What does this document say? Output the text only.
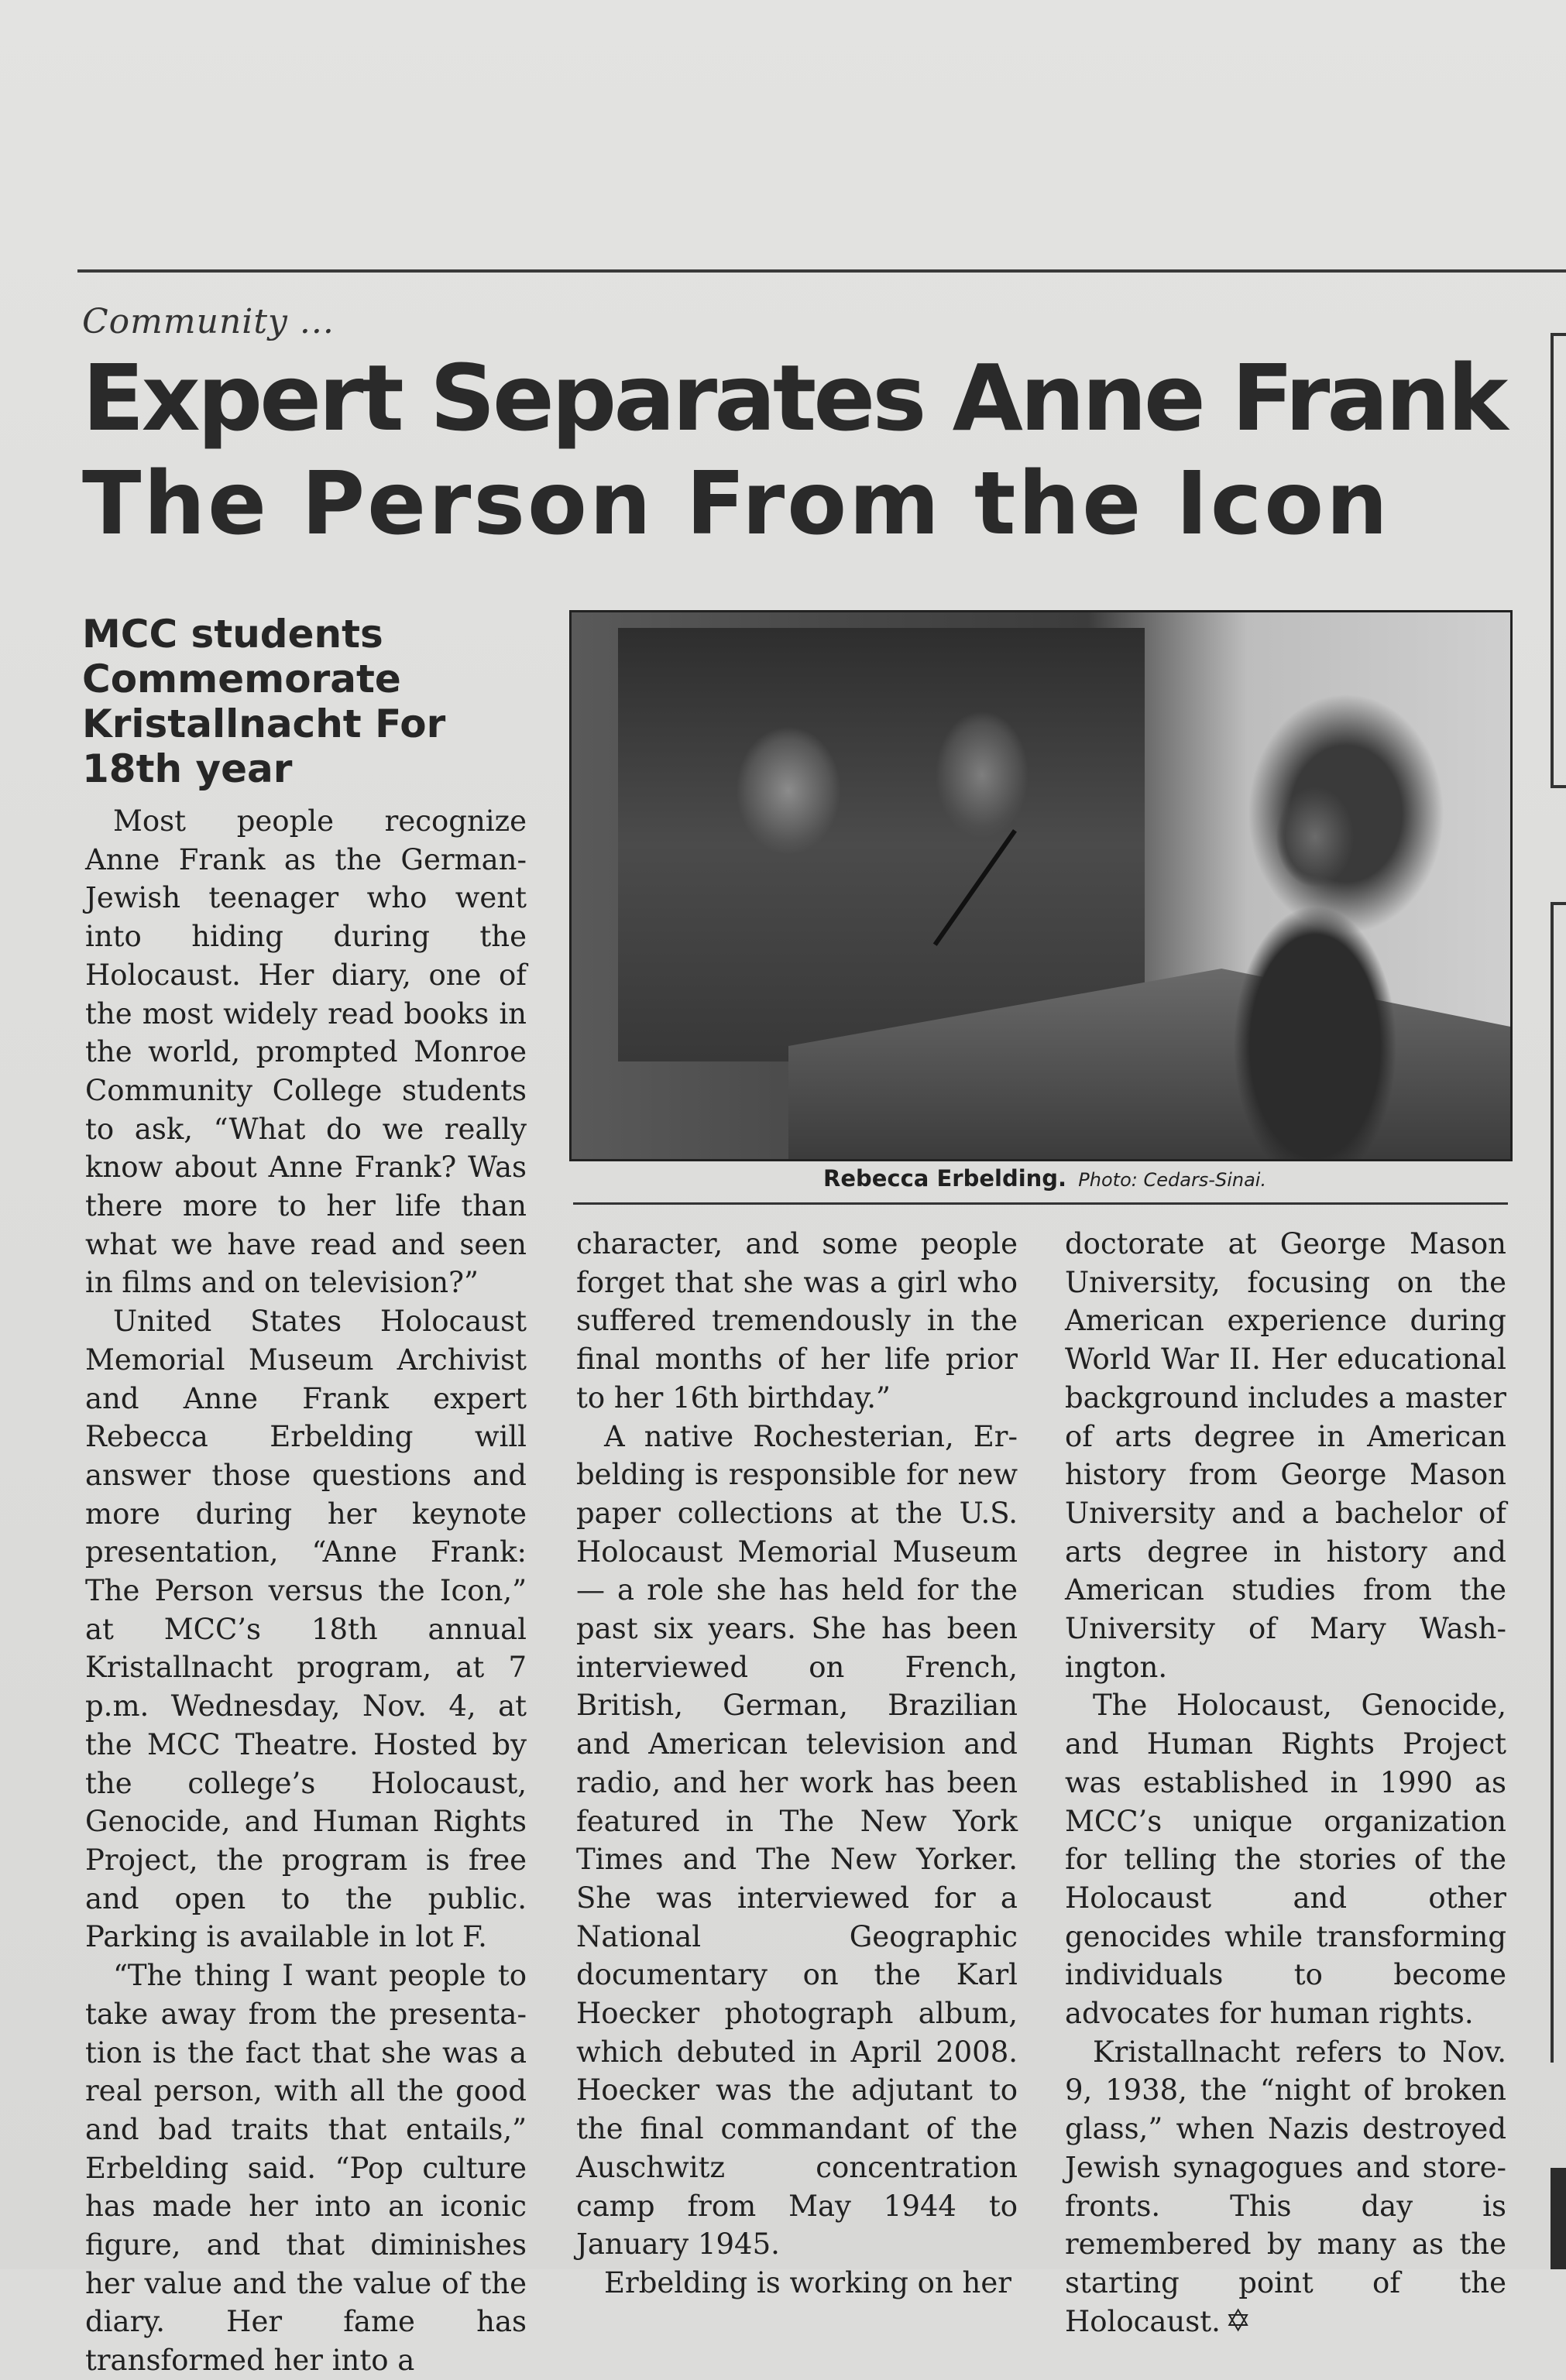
Community ...
Expert Separates Anne Frank
The Person From the Icon
MCC students Commemorate Kristallnacht For 18th year
Rebecca Erbelding. Photo: Cedars-Sinai.

Most people recognize Anne Frank as the German-Jewish teenager who went into hiding during the Holocaust. Her diary, one of the most widely read books in the world, prompted Monroe Community College students to ask, “What do we really know about Anne Frank? Was there more to her life than what we have read and seen in films and on television?”

United States Holocaust Memorial Museum Archivist and Anne Frank expert Rebecca Erbelding will answer those questions and more during her keynote presentation, “Anne Frank: The Person versus the Icon,” at MCC’s 18th annual Kristallnacht program, at 7 p.m. Wednesday, Nov. 4, at the MCC Theatre. Hosted by the college’s Holocaust, Genocide, and Human Rights Project, the program is free and open to the public. Parking is available in lot F.

“The thing I want people to take away from the presentation is the fact that she was a real person, with all the good and bad traits that entails,” Erbelding said. “Pop culture has made her into an iconic figure, and that diminishes her value and the value of the diary. Her fame has transformed her into a

character, and some people forget that she was a girl who suffered tremendously in the final months of her life prior to her 16th birthday.”

A native Rochesterian, Erbelding is responsible for new paper collections at the U.S. Holocaust Memorial Museum — a role she has held for the past six years. She has been interviewed on French, British, German, Brazilian and American television and radio, and her work has been featured in The New York Times and The New Yorker. She was interviewed for a National Geographic documentary on the Karl Hoecker photograph album, which debuted in April 2008. Hoecker was the adjutant to the final commandant of the Auschwitz concentration camp from May 1944 to January 1945.

Erbelding is working on her

doctorate at George Mason University, focusing on the American experience during World War II. Her educational background includes a master of arts degree in American history from George Mason University and a bachelor of arts degree in history and American studies from the University of Mary Washington.

The Holocaust, Genocide, and Human Rights Project was established in 1990 as MCC’s unique organization for telling the stories of the Holocaust and other genocides while transforming individuals to become advocates for human rights.

Kristallnacht refers to Nov. 9, 1938, the “night of broken glass,” when Nazis destroyed Jewish synagogues and storefronts. This day is remembered by many as the starting point of the Holocaust. ✡
